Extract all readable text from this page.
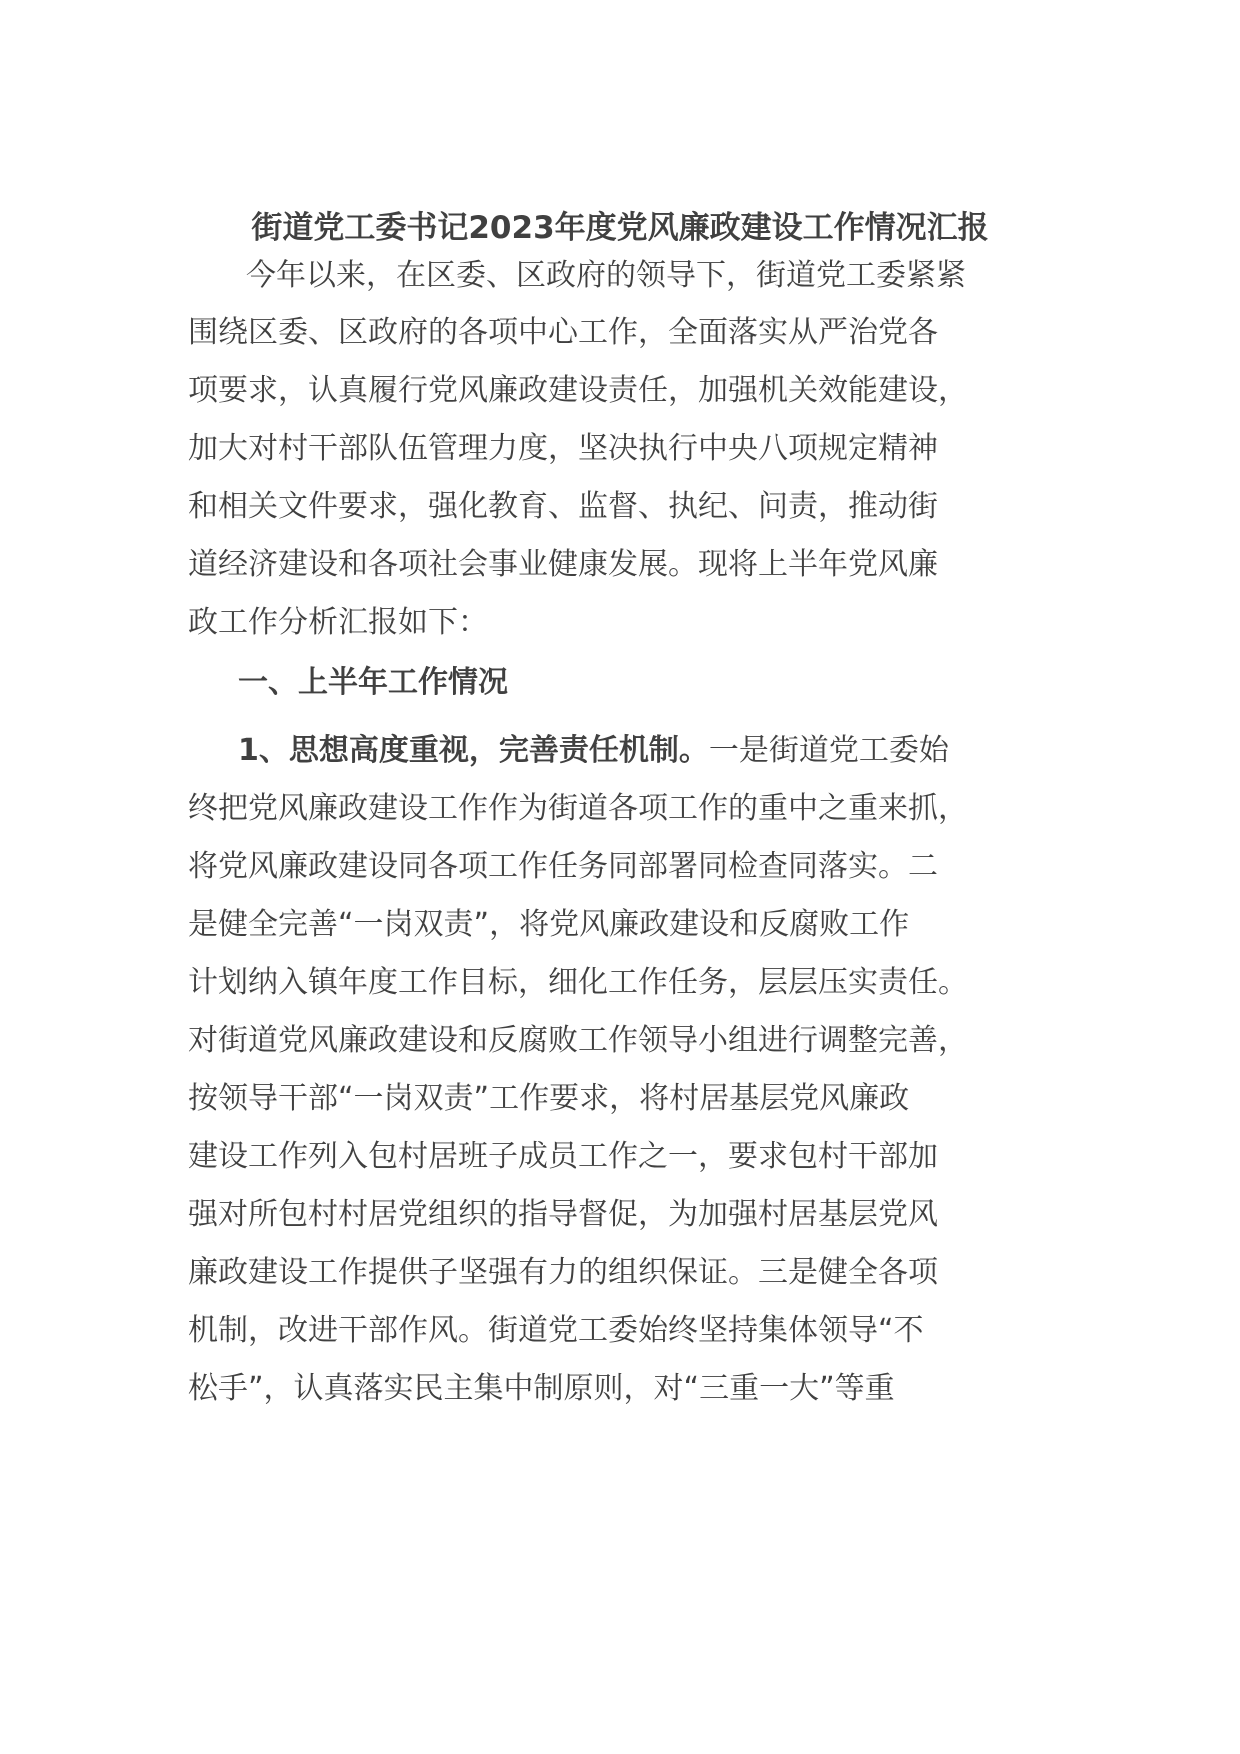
街道党工委书记2023年度党风廉政建设工作情况汇报
今年以来，在区委、区政府的领导下，街道党工委紧紧
围绕区委、区政府的各项中心工作，全面落实从严治党各
项要求，认真履行党风廉政建设责任，加强机关效能建设，
加大对村干部队伍管理力度，坚决执行中央八项规定精神
和相关文件要求，强化教育、监督、执纪、问责，推动街
道经济建设和各项社会事业健康发展。现将上半年党风廉
政工作分析汇报如下：
一、上半年工作情况
1、思想高度重视，完善责任机制。一是街道党工委始
终把党风廉政建设工作作为街道各项工作的重中之重来抓，
将党风廉政建设同各项工作任务同部署同检查同落实。二
是健全完善“一岗双责”，将党风廉政建设和反腐败工作
计划纳入镇年度工作目标，细化工作任务，层层压实责任。
对街道党风廉政建设和反腐败工作领导小组进行调整完善，
按领导干部“一岗双责”工作要求，将村居基层党风廉政
建设工作列入包村居班子成员工作之一，要求包村干部加
强对所包村村居党组织的指导督促，为加强村居基层党风
廉政建设工作提供子坚强有力的组织保证。三是健全各项
机制，改进干部作风。街道党工委始终坚持集体领导“不
松手”，认真落实民主集中制原则，对“三重一大”等重
